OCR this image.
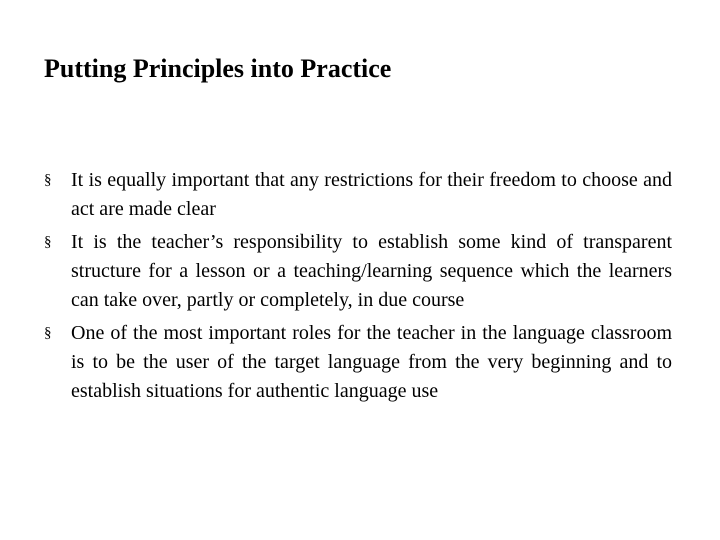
Putting Principles into Practice
§ It is equally important that any restrictions for their freedom to choose and act are made clear
§ It is the teacher’s responsibility to establish some kind of transparent structure for a lesson or a teaching/learning sequence which the learners can take over, partly or completely, in due course
§ One of the most important roles for the teacher in the language classroom is to be the user of the target language from the very beginning and to establish situations for authentic language use
